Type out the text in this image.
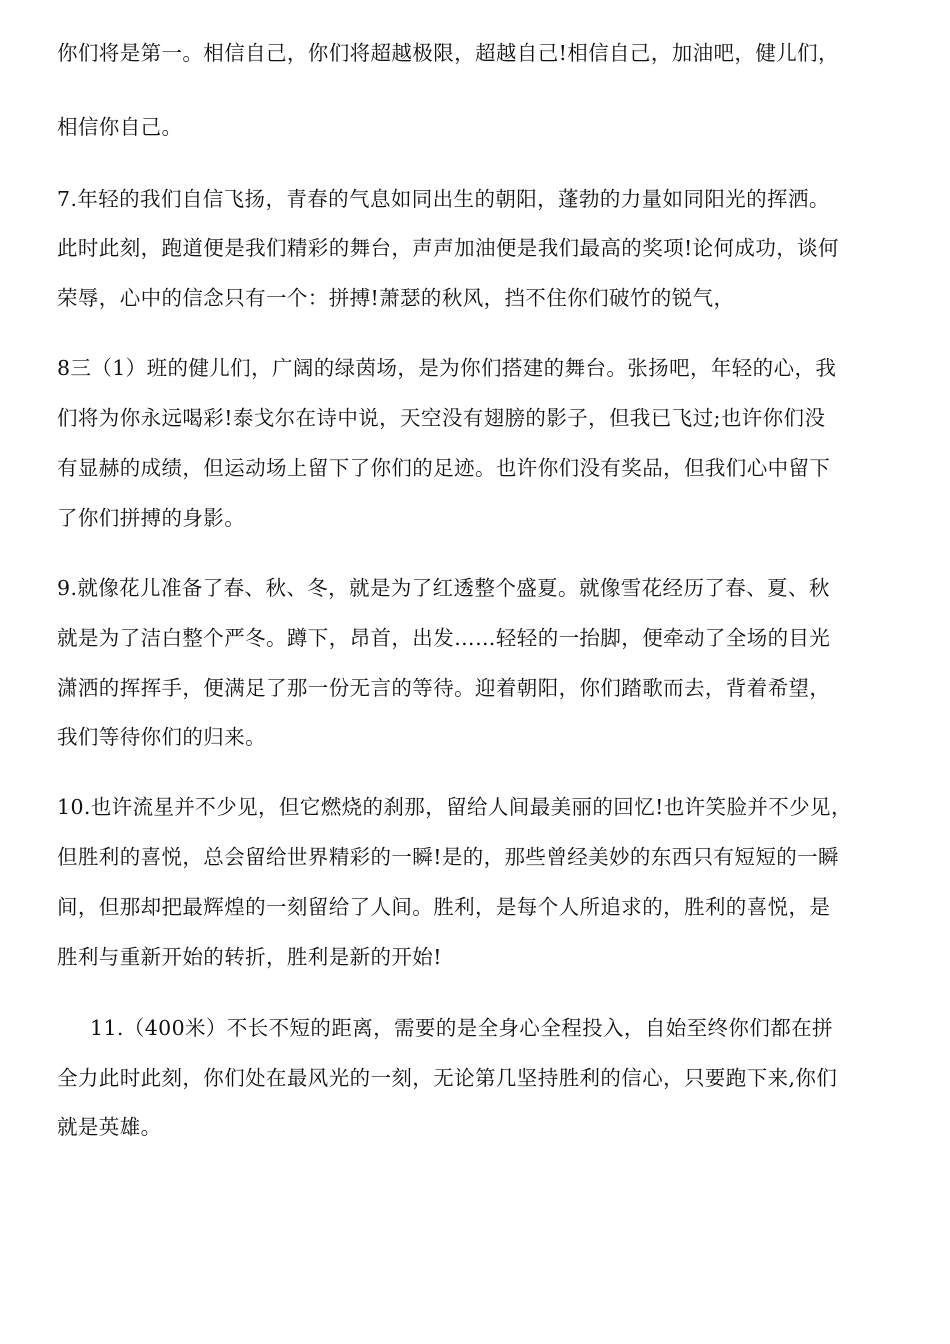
你们将是第一。相信自己，你们将超越极限，超越自己!相信自己，加油吧，健儿们，
相信你自己。
7.年轻的我们自信飞扬，青春的气息如同出生的朝阳，蓬勃的力量如同阳光的挥洒。
此时此刻，跑道便是我们精彩的舞台，声声加油便是我们最高的奖项!论何成功，谈何
荣辱，心中的信念只有一个：拼搏!萧瑟的秋风，挡不住你们破竹的锐气，
8三（1）班的健儿们，广阔的绿茵场，是为你们搭建的舞台。张扬吧，年轻的心，我
们将为你永远喝彩!泰戈尔在诗中说，天空没有翅膀的影子，但我已飞过;也许你们没
有显赫的成绩，但运动场上留下了你们的足迹。也许你们没有奖品，但我们心中留下
了你们拼搏的身影。
9.就像花儿准备了春、秋、冬，就是为了红透整个盛夏。就像雪花经历了春、夏、秋
就是为了洁白整个严冬。蹲下，昂首，出发……轻轻的一抬脚，便牵动了全场的目光
潇洒的挥挥手，便满足了那一份无言的等待。迎着朝阳，你们踏歌而去，背着希望，
我们等待你们的归来。
10.也许流星并不少见，但它燃烧的刹那，留给人间最美丽的回忆!也许笑脸并不少见，
但胜利的喜悦，总会留给世界精彩的一瞬!是的，那些曾经美妙的东西只有短短的一瞬
间，但那却把最辉煌的一刻留给了人间。胜利，是每个人所追求的，胜利的喜悦，是
胜利与重新开始的转折，胜利是新的开始!
11.（400米）不长不短的距离，需要的是全身心全程投入，自始至终你们都在拼
全力此时此刻，你们处在最风光的一刻，无论第几坚持胜利的信心，只要跑下来,你们
就是英雄。
